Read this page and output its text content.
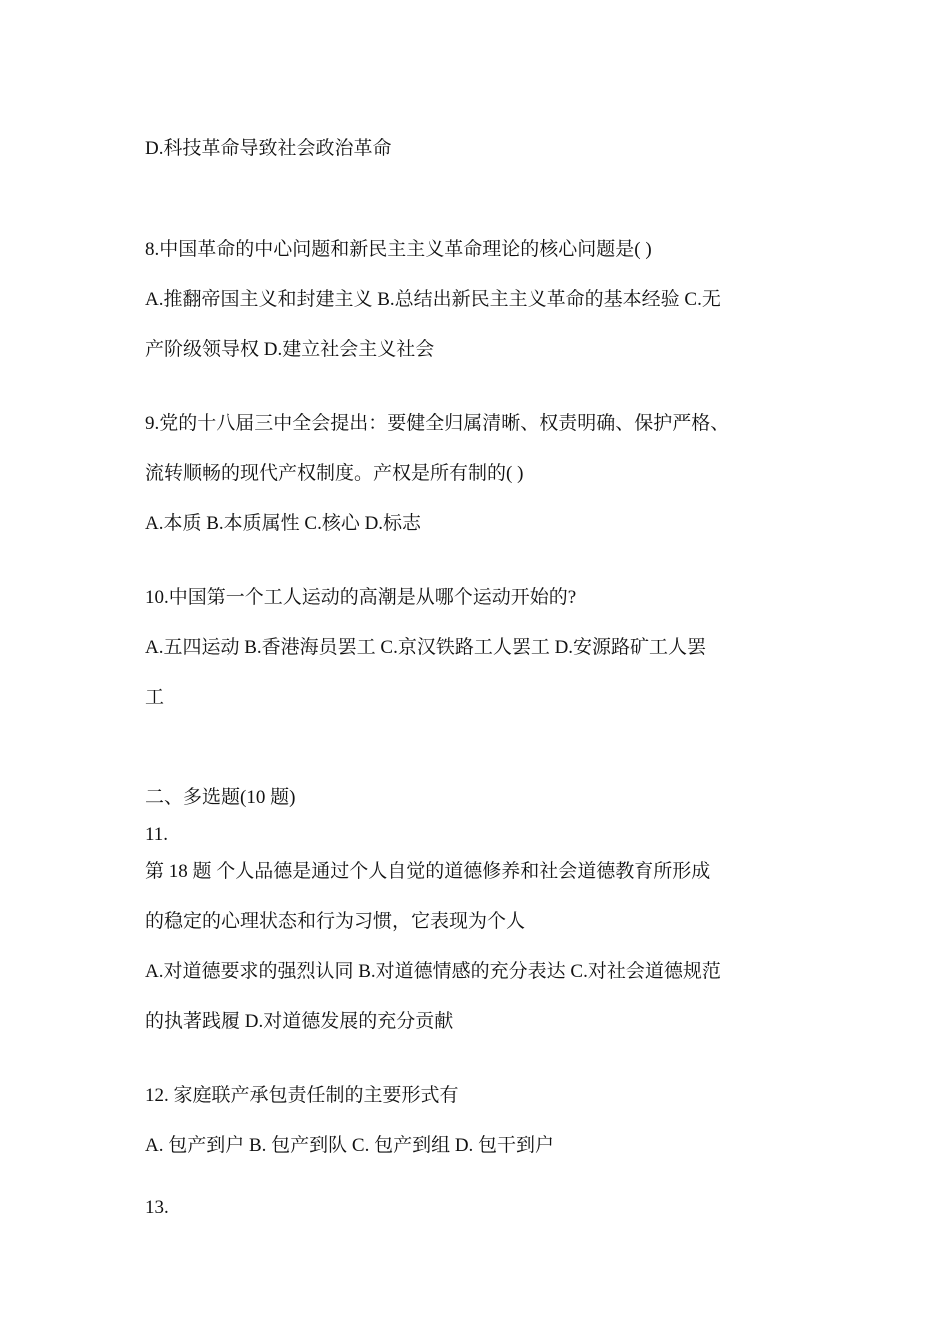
D.科技革命导致社会政治革命

8.中国革命的中心问题和新民主主义革命理论的核心问题是( )

A.推翻帝国主义和封建主义 B.总结出新民主主义革命的基本经验 C.无

产阶级领导权 D.建立社会主义社会

9.党的十八届三中全会提出：要健全归属清晰、权责明确、保护严格、

流转顺畅的现代产权制度。产权是所有制的( )

A.本质 B.本质属性 C.核心 D.标志

10.中国第一个工人运动的高潮是从哪个运动开始的?

A.五四运动 B.香港海员罢工 C.京汉铁路工人罢工 D.安源路矿工人罢

工

二、多选题(10 题)

11.

第 18 题 个人品德是通过个人自觉的道德修养和社会道德教育所形成

的稳定的心理状态和行为习惯，它表现为个人

A.对道德要求的强烈认同 B.对道德情感的充分表达 C.对社会道德规范

的执著践履 D.对道德发展的充分贡献

12. 家庭联产承包责任制的主要形式有

A. 包产到户 B. 包产到队 C. 包产到组 D. 包干到户

13.
